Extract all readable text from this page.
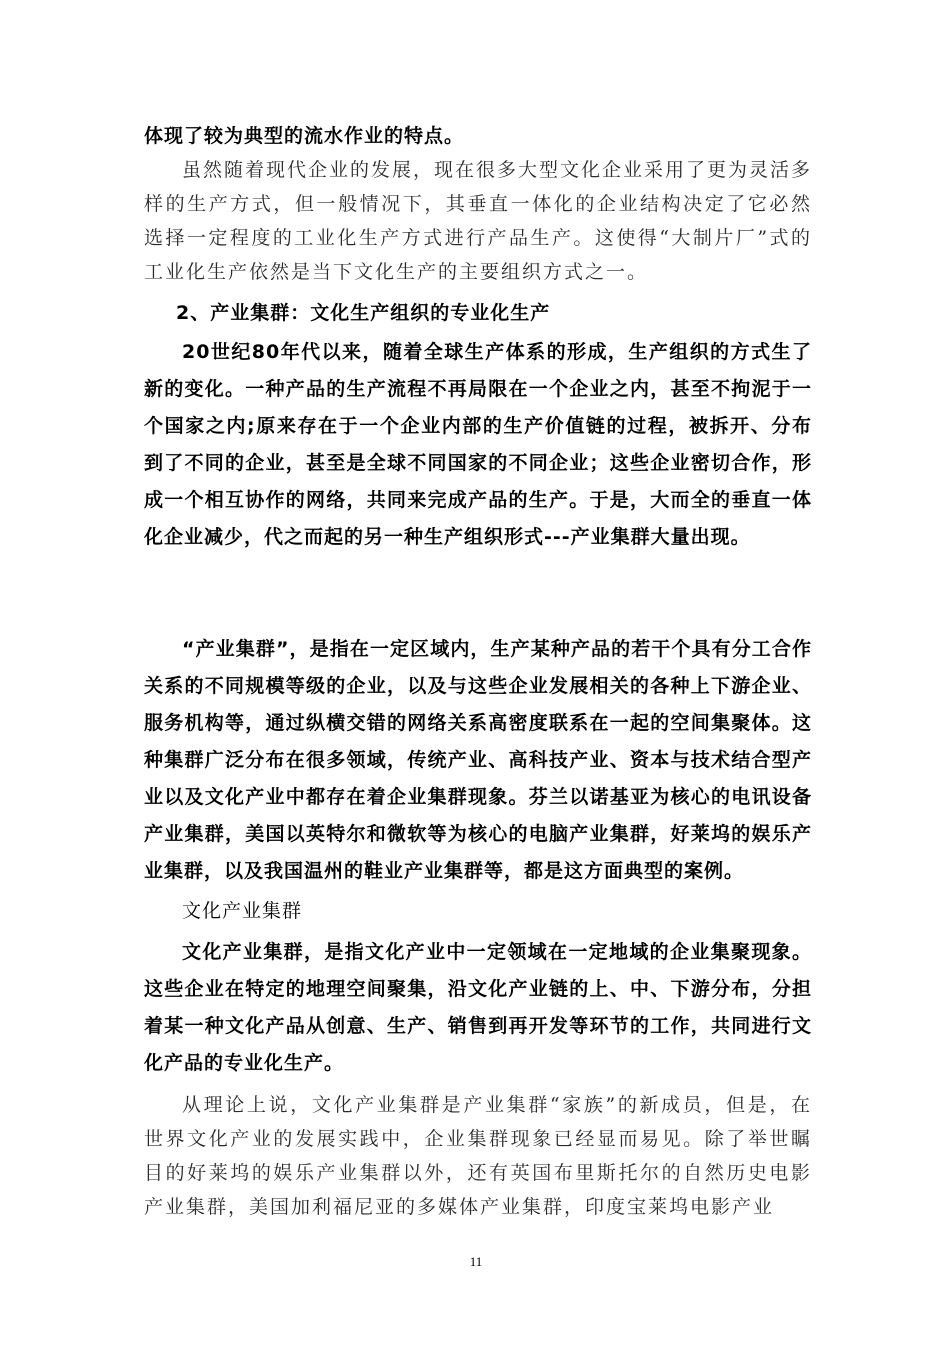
体现了较为典型的流水作业的特点。

虽然随着现代企业的发展，现在很多大型文化企业采用了更为灵活多样的生产方式，但一般情况下，其垂直一体化的企业结构决定了它必然选择一定程度的工业化生产方式进行产品生产。这使得“大制片厂”式的工业化生产依然是当下文化生产的主要组织方式之一。

2、产业集群：文化生产组织的专业化生产

20世纪80年代以来，随着全球生产体系的形成，生产组织的方式生了新的变化。一种产品的生产流程不再局限在一个企业之内，甚至不拘泥于一个国家之内;原来存在于一个企业内部的生产价值链的过程，被拆开、分布到了不同的企业，甚至是全球不同国家的不同企业；这些企业密切合作，形成一个相互协作的网络，共同来完成产品的生产。于是，大而全的垂直一体化企业减少，代之而起的另一种生产组织形式---产业集群大量出现。

“产业集群”，是指在一定区域内，生产某种产品的若干个具有分工合作关系的不同规模等级的企业，以及与这些企业发展相关的各种上下游企业、服务机构等，通过纵横交错的网络关系高密度联系在一起的空间集聚体。这种集群广泛分布在很多领域，传统产业、高科技产业、资本与技术结合型产业以及文化产业中都存在着企业集群现象。芬兰以诺基亚为核心的电讯设备产业集群，美国以英特尔和微软等为核心的电脑产业集群，好莱坞的娱乐产业集群，以及我国温州的鞋业产业集群等，都是这方面典型的案例。

文化产业集群

文化产业集群，是指文化产业中一定领域在一定地域的企业集聚现象。这些企业在特定的地理空间聚集，沿文化产业链的上、中、下游分布，分担着某一种文化产品从创意、生产、销售到再开发等环节的工作，共同进行文化产品的专业化生产。

从理论上说，文化产业集群是产业集群“家族”的新成员，但是，在世界文化产业的发展实践中，企业集群现象已经显而易见。除了举世瞩目的好莱坞的娱乐产业集群以外，还有英国布里斯托尔的自然历史电影产业集群，美国加利福尼亚的多媒体产业集群，印度宝莱坞电影产业

11
